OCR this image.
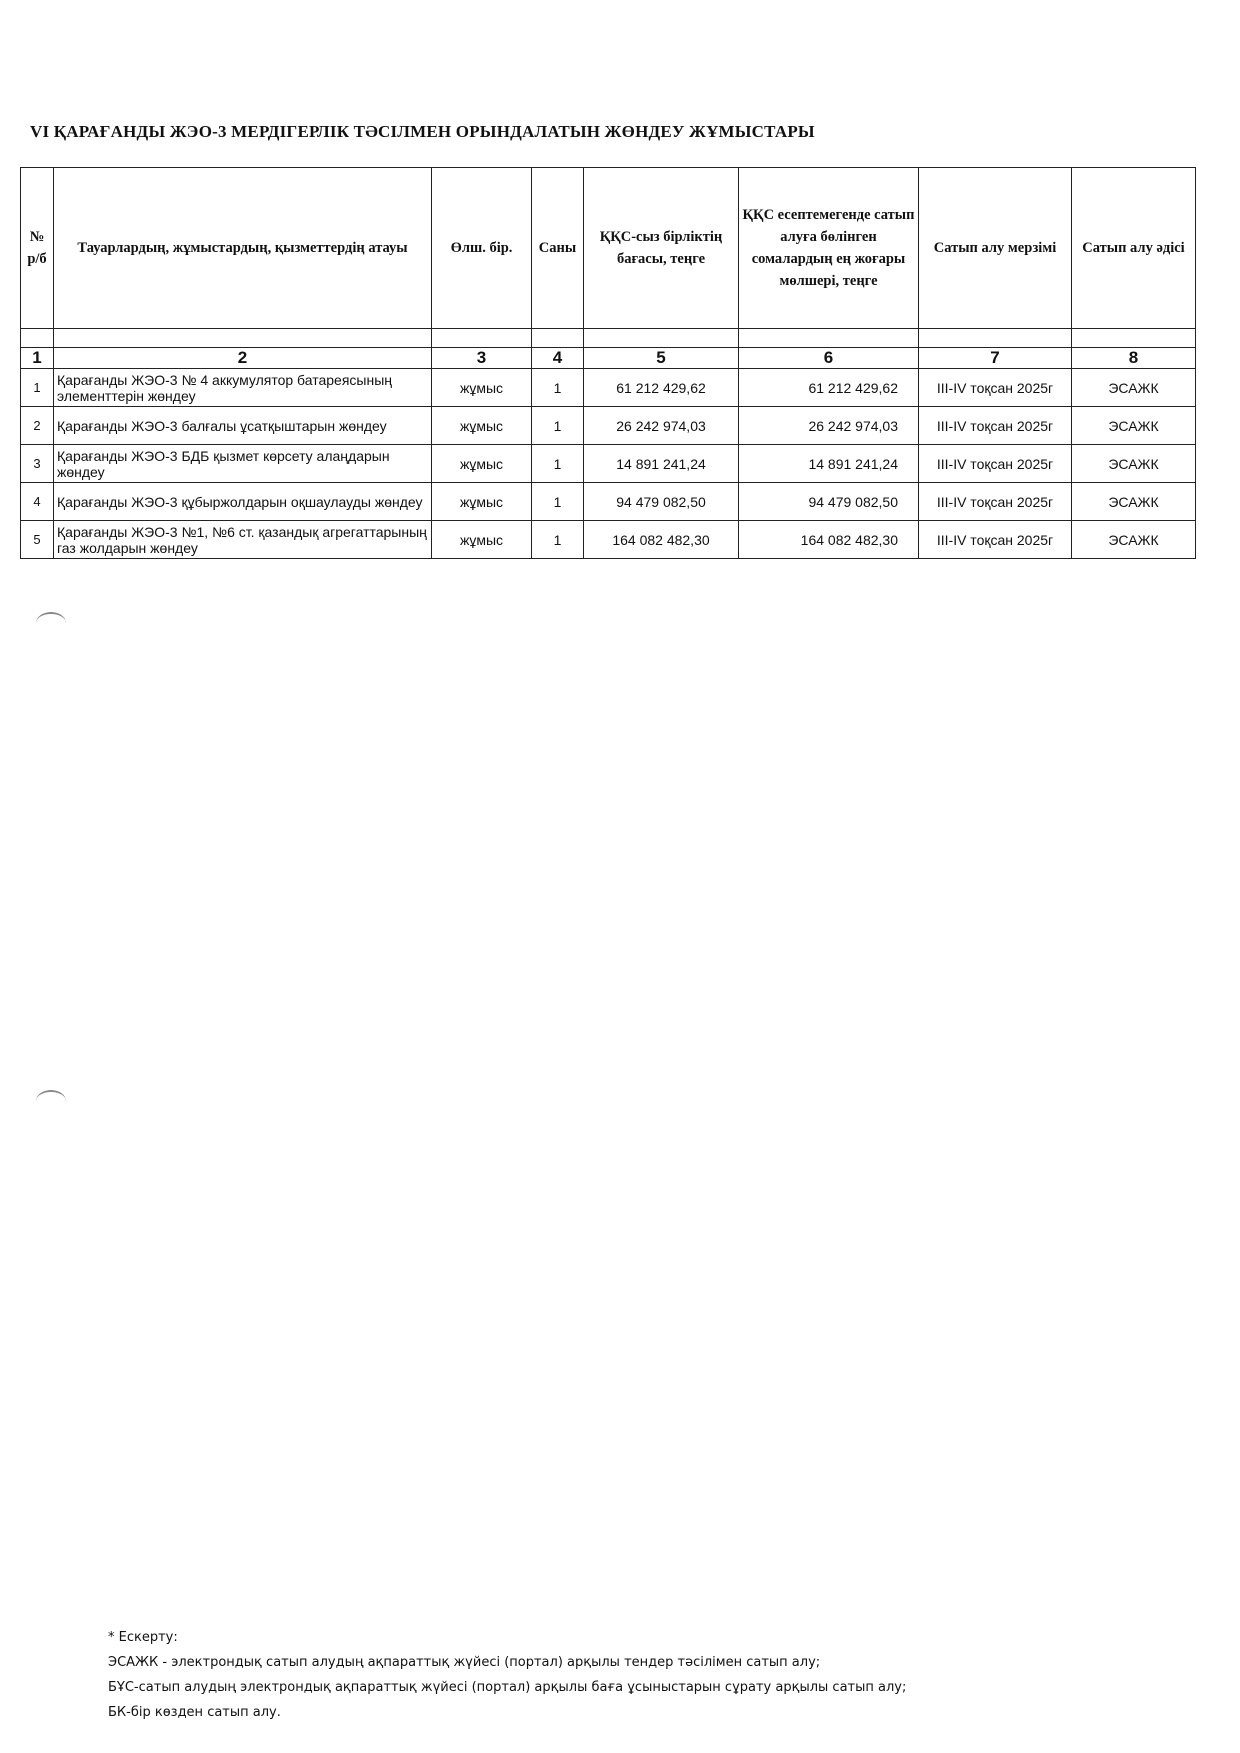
VI ҚАРАҒАНДЫ ЖЭО-3 МЕРДІГЕРЛІК ТӘСІЛМЕН ОРЫНДАЛАТЫН ЖӨНДЕУ ЖҰМЫСТАРЫ
№ р/б	Тауарлардың, жұмыстардың, қызметтердің атауы	Өлш. бір.	Саны	ҚҚС-сыз бірліктің бағасы, теңге	ҚҚС есептемегенде сатып алуға бөлінген сомалардың ең жоғары мөлшері, теңге	Сатып алу мерзімі	Сатып алу әдісі

1	2	3	4	5	6	7	8
1	Қарағанды ЖЭО-3 № 4 аккумулятор батареясының элементтерін жөндеу	жұмыс	1	61 212 429,62	61 212 429,62	III-IV тоқсан 2025г	ЭСАЖК
2	Қарағанды ЖЭО-3 балғалы ұсатқыштарын жөндеу	жұмыс	1	26 242 974,03	26 242 974,03	III-IV тоқсан 2025г	ЭСАЖК
3	Қарағанды ЖЭО-3 БДБ қызмет көрсету алаңдарын жөндеу	жұмыс	1	14 891 241,24	14 891 241,24	III-IV тоқсан 2025г	ЭСАЖК
4	Қарағанды ЖЭО-3 құбыржолдарын оқшаулауды жөндеу	жұмыс	1	94 479 082,50	94 479 082,50	III-IV тоқсан 2025г	ЭСАЖК
5	Қарағанды ЖЭО-3 №1, №6 ст. қазандық агрегаттарының газ жолдарын жөндеу	жұмыс	1	164 082 482,30	164 082 482,30	III-IV тоқсан 2025г	ЭСАЖК
* Ескерту:
ЭСАЖК - электрондық сатып алудың ақпараттық жүйесі (портал) арқылы тендер тәсілімен сатып алу;
БҰС-сатып алудың электрондық ақпараттық жүйесі (портал) арқылы баға ұсыныстарын сұрату арқылы сатып алу;
БК-бір көзден сатып алу.
